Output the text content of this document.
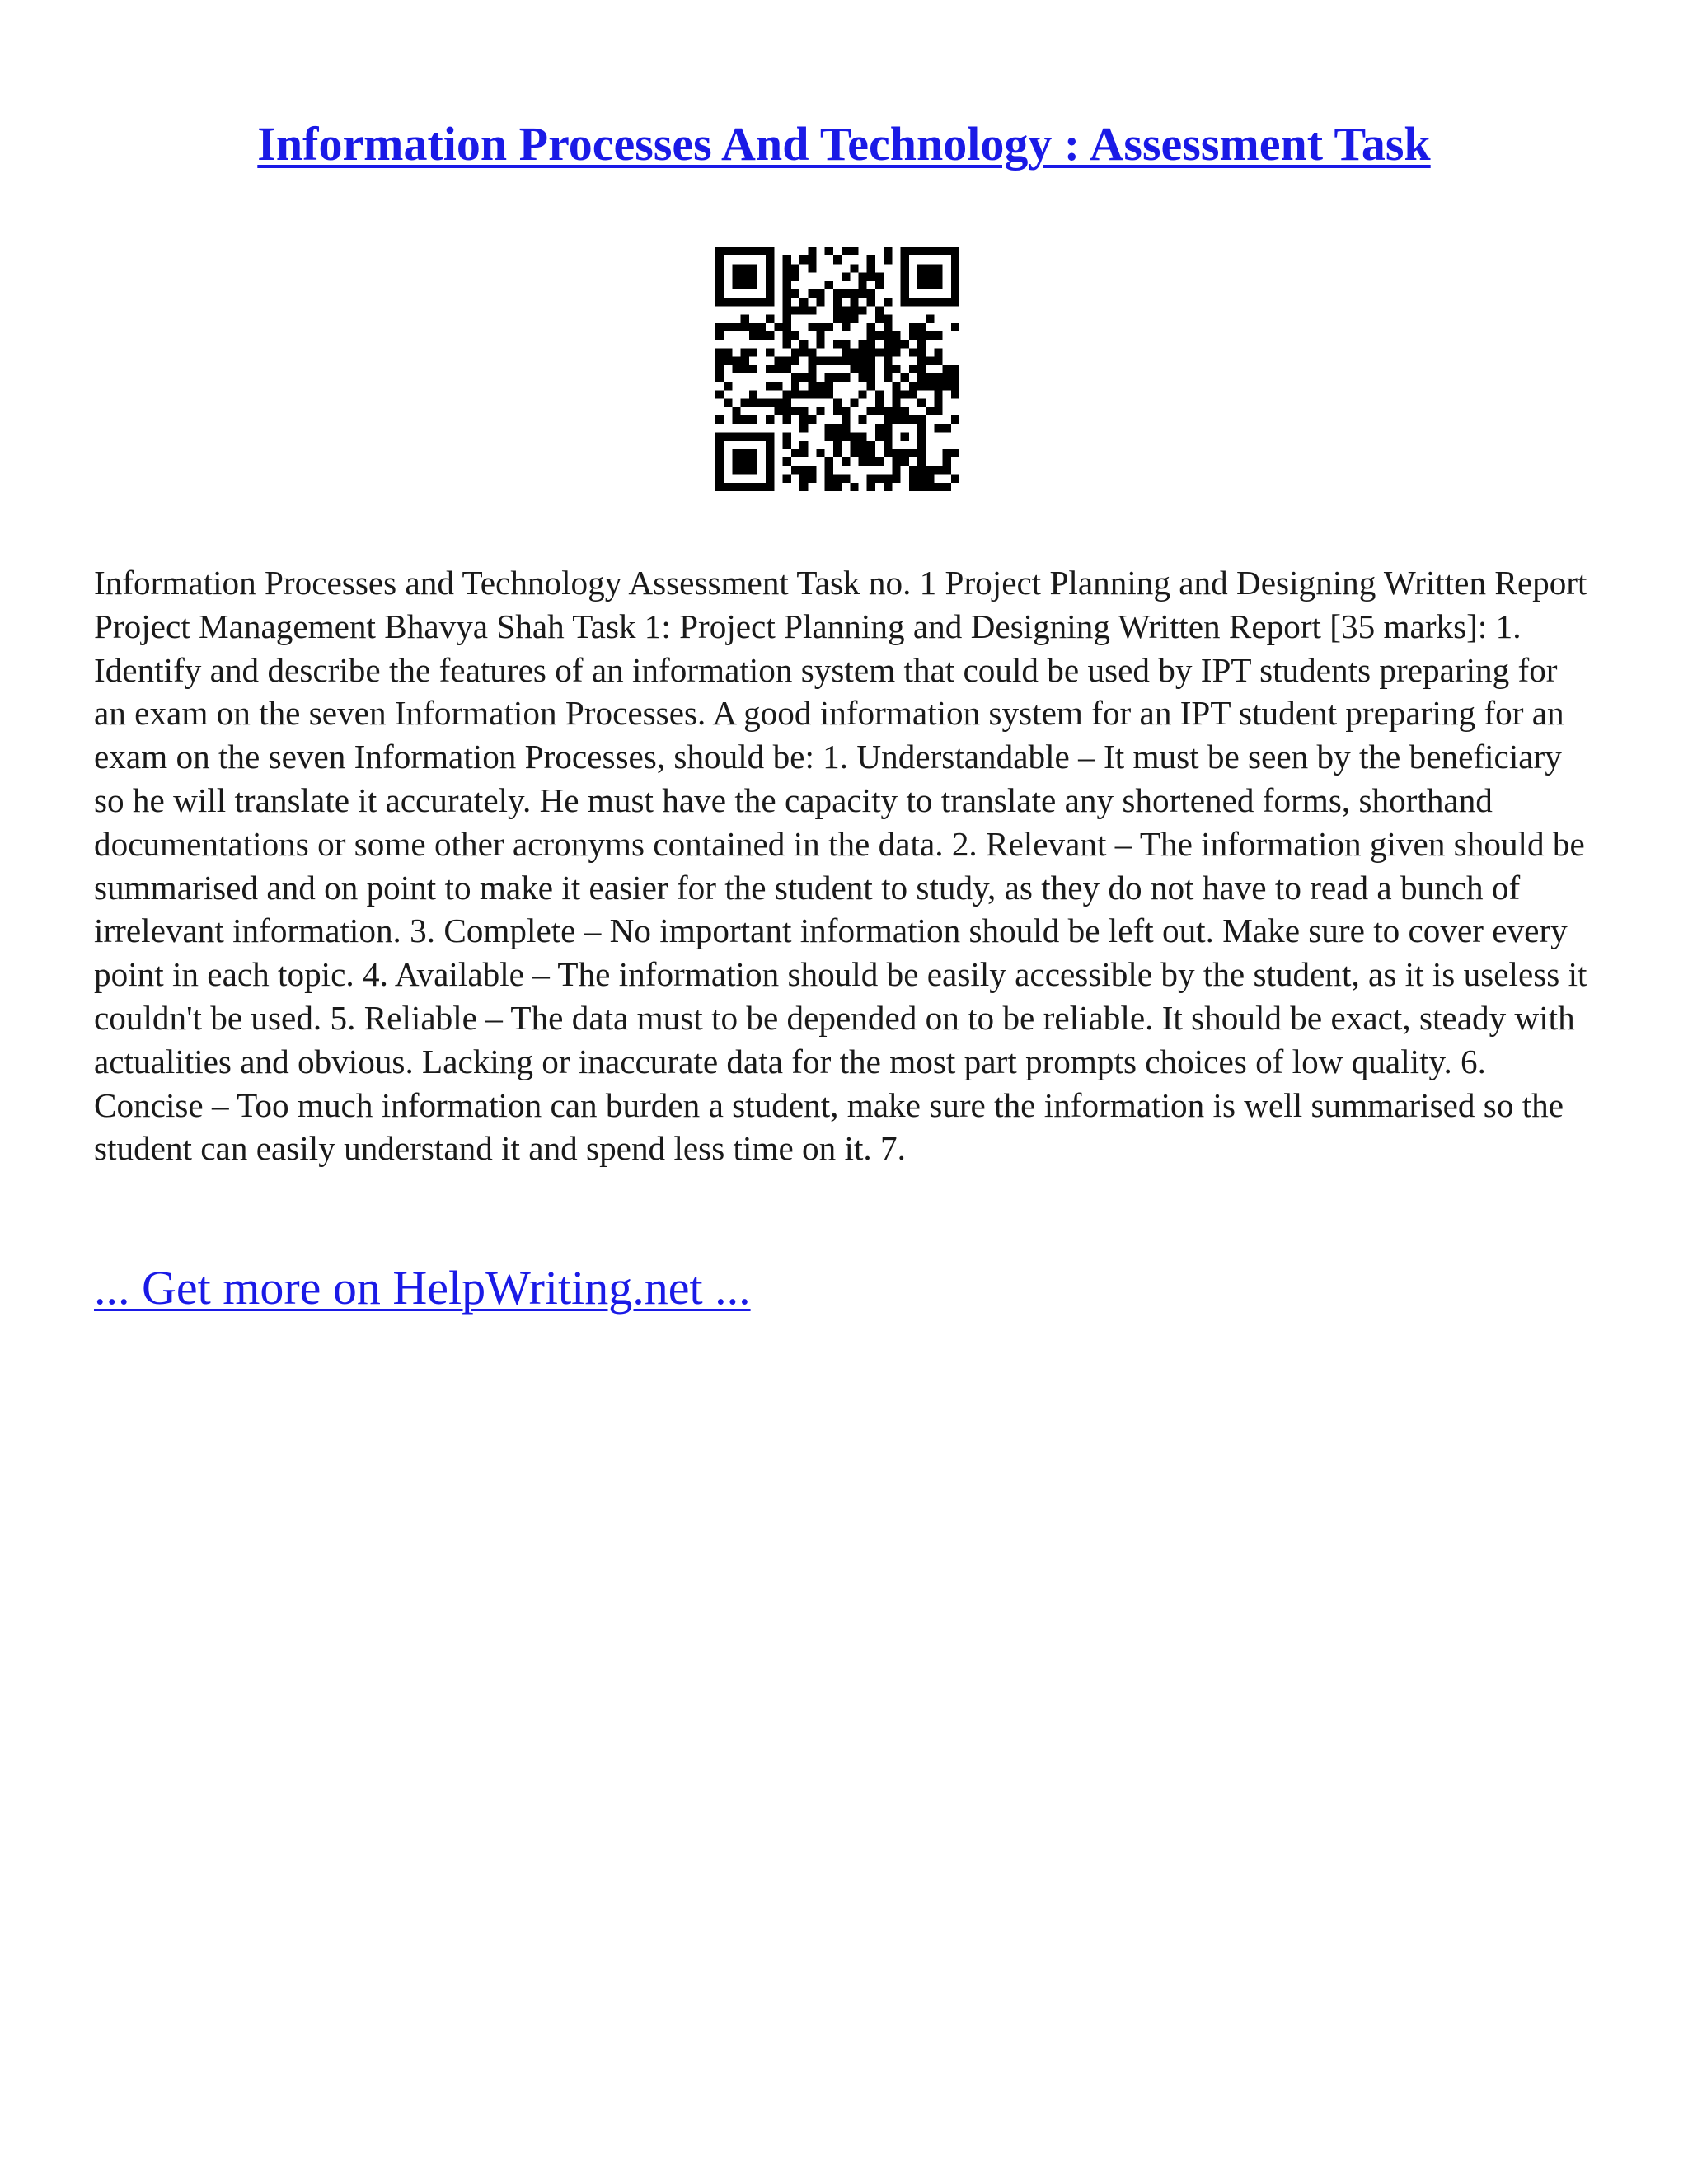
Information Processes And Technology : Assessment Task

Information Processes and Technology Assessment Task no. 1 Project Planning and Designing Written Report Project Management Bhavya Shah Task 1: Project Planning and Designing Written Report [35 marks]: 1. Identify and describe the features of an information system that could be used by IPT students preparing for an exam on the seven Information Processes. A good information system for an IPT student preparing for an exam on the seven Information Processes, should be: 1. Understandable – It must be seen by the beneficiary so he will translate it accurately. He must have the capacity to translate any shortened forms, shorthand documentations or some other acronyms contained in the data. 2. Relevant – The information given should be summarised and on point to make it easier for the student to study, as they do not have to read a bunch of irrelevant information. 3. Complete – No important information should be left out. Make sure to cover every point in each topic. 4. Available – The information should be easily accessible by the student, as it is useless it couldn't be used. 5. Reliable – The data must to be depended on to be reliable. It should be exact, steady with actualities and obvious. Lacking or inaccurate data for the most part prompts choices of low quality. 6. Concise – Too much information can burden a student, make sure the information is well summarised so the student can easily understand it and spend less time on it. 7.

... Get more on HelpWriting.net ...
